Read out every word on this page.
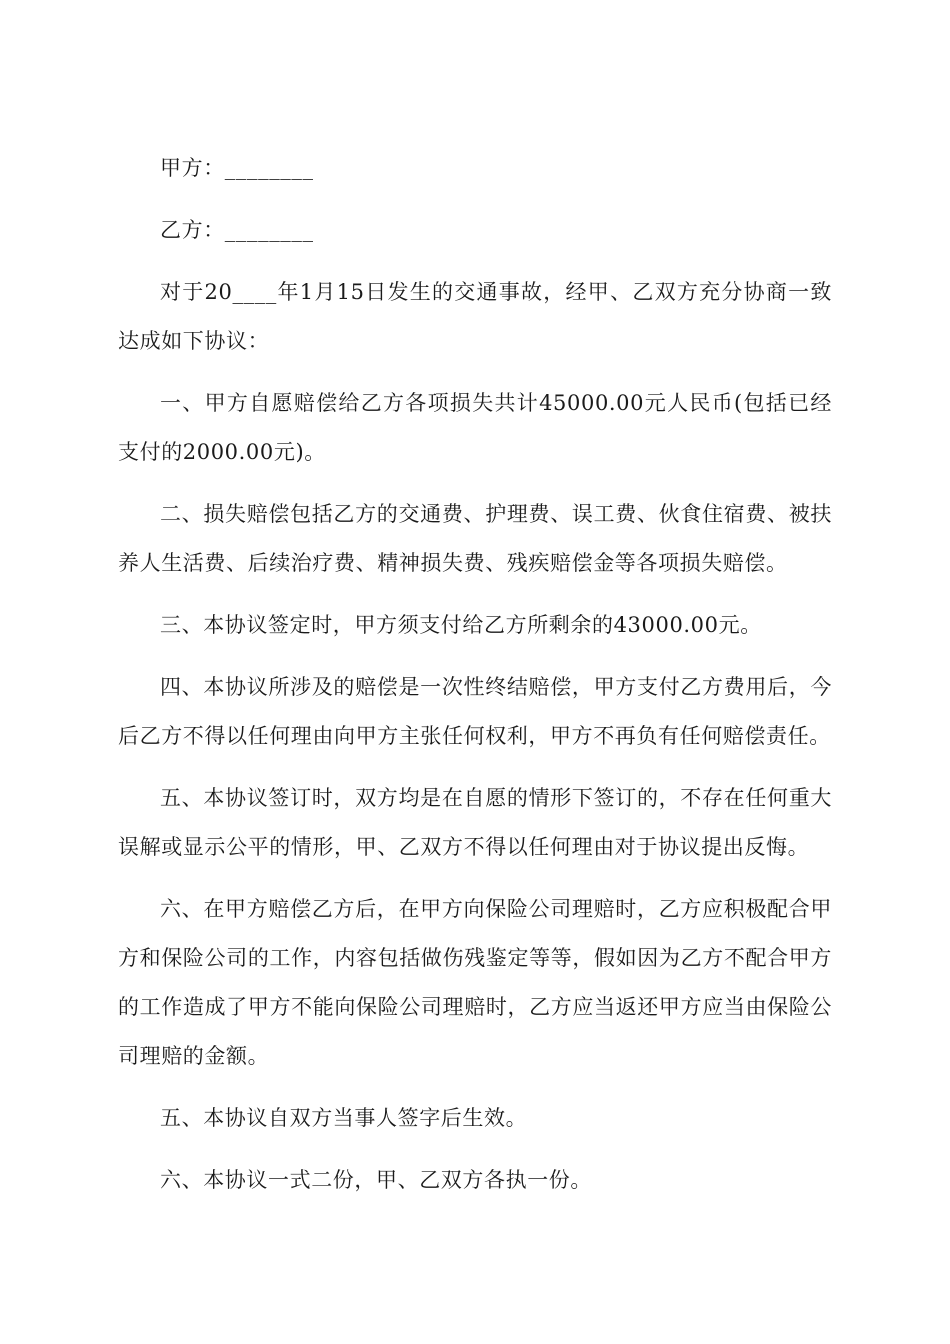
甲方：________

乙方：________

对于20____年1月15日发生的交通事故，经甲、乙双方充分协商一致达成如下协议：

一、甲方自愿赔偿给乙方各项损失共计45000.00元人民币(包括已经支付的2000.00元)。

二、损失赔偿包括乙方的交通费、护理费、误工费、伙食住宿费、被扶养人生活费、后续治疗费、精神损失费、残疾赔偿金等各项损失赔偿。

三、本协议签定时，甲方须支付给乙方所剩余的43000.00元。

四、本协议所涉及的赔偿是一次性终结赔偿，甲方支付乙方费用后，今后乙方不得以任何理由向甲方主张任何权利，甲方不再负有任何赔偿责任。

五、本协议签订时，双方均是在自愿的情形下签订的，不存在任何重大误解或显示公平的情形，甲、乙双方不得以任何理由对于协议提出反悔。

六、在甲方赔偿乙方后，在甲方向保险公司理赔时，乙方应积极配合甲方和保险公司的工作，内容包括做伤残鉴定等等，假如因为乙方不配合甲方的工作造成了甲方不能向保险公司理赔时，乙方应当返还甲方应当由保险公司理赔的金额。

五、本协议自双方当事人签字后生效。

六、本协议一式二份，甲、乙双方各执一份。
